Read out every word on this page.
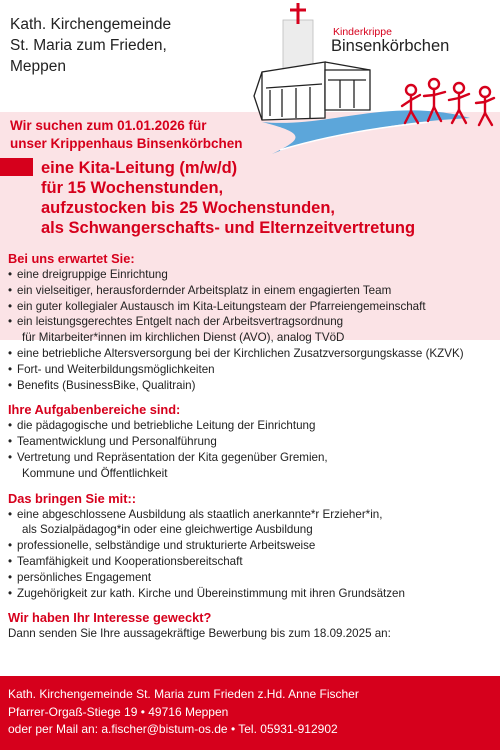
Kath. Kirchengemeinde
St. Maria zum Frieden,
Meppen
Kinderkrippe
Binsenkörbchen
Wir suchen zum 01.01.2026 für
unser Krippenhaus Binsenkörbchen
eine Kita-Leitung (m/w/d)
für 15 Wochenstunden,
aufzustocken bis 25 Wochenstunden,
als Schwangerschafts- und Elternzeitvertretung
Bei uns erwartet Sie:
• eine dreigruppige Einrichtung
• ein vielseitiger, herausfordernder Arbeitsplatz in einem engagierten Team
• ein guter kollegialer Austausch im Kita-Leitungsteam der Pfarreiengemeinschaft
• ein leistungsgerechtes Entgelt nach der Arbeitsvertragsordnung
für Mitarbeiter*innen im kirchlichen Dienst (AVO), analog TVöD
• eine betriebliche Altersversorgung bei der Kirchlichen Zusatzversorgungskasse (KZVK)
• Fort- und Weiterbildungsmöglichkeiten
• Benefits (BusinessBike, Qualitrain)
Ihre Aufgabenbereiche sind:
• die pädagogische und betriebliche Leitung der Einrichtung
• Teamentwicklung und Personalführung
• Vertretung und Repräsentation der Kita gegenüber Gremien,
Kommune und Öffentlichkeit
Das bringen Sie mit::
• eine abgeschlossene Ausbildung als staatlich anerkannte*r Erzieher*in,
als Sozialpädagog*in oder eine gleichwertige Ausbildung
• professionelle, selbständige und strukturierte Arbeitsweise
• Teamfähigkeit und Kooperationsbereitschaft
• persönliches Engagement
• Zugehörigkeit zur kath. Kirche und Übereinstimmung mit ihren Grundsätzen
Wir haben Ihr Interesse geweckt?
Dann senden Sie Ihre aussagekräftige Bewerbung bis zum 18.09.2025 an:
Kath. Kirchengemeinde St. Maria zum Frieden z.Hd. Anne Fischer
Pfarrer-Orgaß-Stiege 19 • 49716 Meppen
oder per Mail an: a.fischer@bistum-os.de • Tel. 05931-912902
